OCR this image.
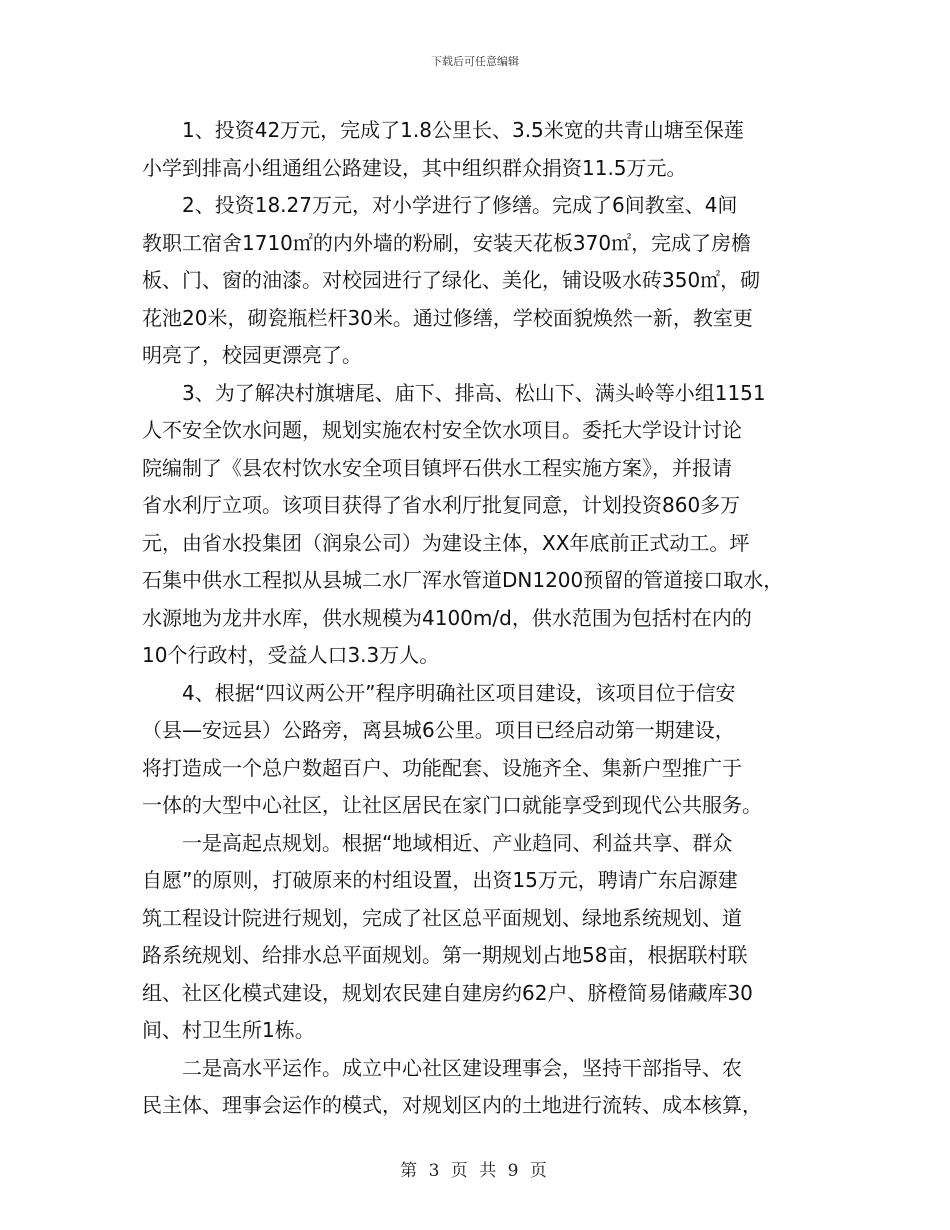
下载后可任意编辑
　　1、投资42万元，完成了1.8公里长、3.5米宽的共青山塘至保莲
小学到排高小组通组公路建设，其中组织群众捐资11.5万元。
　　2、投资18.27万元，对小学进行了修缮。完成了6间教室、4间
教职工宿舍1710㎡的内外墙的粉刷，安装天花板370㎡，完成了房檐
板、门、窗的油漆。对校园进行了绿化、美化，铺设吸水砖350㎡，砌
花池20米，砌瓷瓶栏杆30米。通过修缮，学校面貌焕然一新，教室更
明亮了，校园更漂亮了。
　　3、为了解决村旗塘尾、庙下、排高、松山下、满头岭等小组1151
人不安全饮水问题，规划实施农村安全饮水项目。委托大学设计讨论
院编制了《县农村饮水安全项目镇坪石供水工程实施方案》，并报请
省水利厅立项。该项目获得了省水利厅批复同意，计划投资860多万
元，由省水投集团（润泉公司）为建设主体，XX年底前正式动工。坪
石集中供水工程拟从县城二水厂浑水管道DN1200预留的管道接口取水，
水源地为龙井水库，供水规模为4100m/d，供水范围为包括村在内的
10个行政村，受益人口3.3万人。
　　4、根据“四议两公开”程序明确社区项目建设，该项目位于信安
（县—安远县）公路旁，离县城6公里。项目已经启动第一期建设，
将打造成一个总户数超百户、功能配套、设施齐全、集新户型推广于
一体的大型中心社区，让社区居民在家门口就能享受到现代公共服务。
　　一是高起点规划。根据“地域相近、产业趋同、利益共享、群众
自愿”的原则，打破原来的村组设置，出资15万元，聘请广东启源建
筑工程设计院进行规划，完成了社区总平面规划、绿地系统规划、道
路系统规划、给排水总平面规划。第一期规划占地58亩，根据联村联
组、社区化模式建设，规划农民建自建房约62户、脐橙简易储藏库30
间、村卫生所1栋。
　　二是高水平运作。成立中心社区建设理事会，坚持干部指导、农
民主体、理事会运作的模式，对规划区内的土地进行流转、成本核算，
第 3 页 共 9 页
